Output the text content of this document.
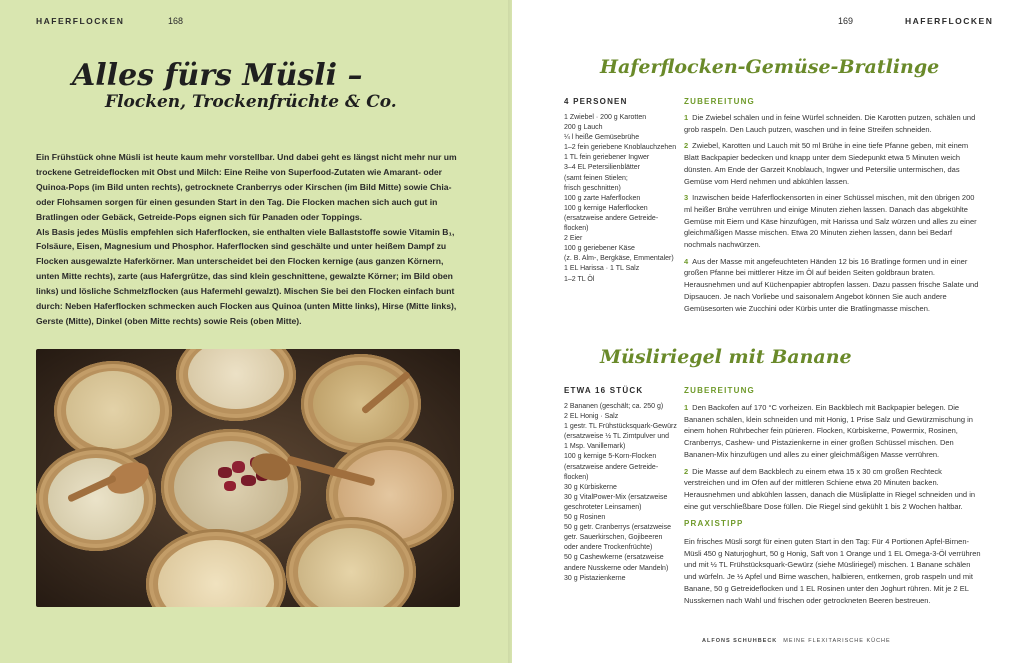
HAFERFLOCKEN	168
Alles fürs Müsli –
Flocken, Trockenfrüchte & Co.

Ein Frühstück ohne Müsli ist heute kaum mehr vorstellbar. Und dabei geht es längst nicht mehr nur um trockene Getreideflocken mit Obst und Milch: Eine Reihe von Superfood-Zutaten wie Amarant- oder Quinoa-Pops (im Bild unten rechts), getrocknete Cranberrys oder Kirschen (im Bild Mitte) sowie Chia- oder Flohsamen sorgen für einen gesunden Start in den Tag. Die Flocken machen sich auch gut in Bratlingen oder Gebäck, Getreide-Pops eignen sich für Panaden oder Toppings.

Als Basis jedes Müslis empfehlen sich Haferflocken, sie enthalten viele Ballaststoffe sowie Vitamin B₁, Folsäure, Eisen, Magnesium und Phosphor. Haferflocken sind geschälte und unter heißem Dampf zu Flocken ausgewalzte Haferkörner. Man unterscheidet bei den Flocken kernige (aus ganzen Körnern, unten Mitte rechts), zarte (aus Hafergrütze, das sind klein geschnittene, gewalzte Körner; im Bild oben links) und lösliche Schmelzflocken (aus Hafermehl gewalzt). Mischen Sie bei den Flocken einfach bunt durch: Neben Haferflocken schmecken auch Flocken aus Quinoa (unten Mitte links), Hirse (Mitte links), Gerste (Mitte), Dinkel (oben Mitte rechts) sowie Reis (oben Mitte).

169	HAFERFLOCKEN
Haferflocken-Gemüse-Bratlinge
4 PERSONEN	ZUBEREITUNG
1 Zwiebel · 200 g Karotten
200 g Lauch
¼ l heiße Gemüsebrühe
1–2 fein geriebene Knoblauchzehen
1 TL fein geriebener Ingwer
3–4 EL Petersilienblätter
(samt feinen Stielen;
frisch geschnitten)
100 g zarte Haferflocken
100 g kernige Haferflocken
(ersatzweise andere Getreide-
flocken)
2 Eier
100 g geriebener Käse
(z. B. Alm-, Bergkäse, Emmentaler)
1 EL Harissa · 1 TL Salz
1–2 TL Öl

1 Die Zwiebel schälen und in feine Würfel schneiden. Die Karotten putzen, schälen und grob raspeln. Den Lauch putzen, waschen und in feine Streifen schneiden.

2 Zwiebel, Karotten und Lauch mit 50 ml Brühe in eine tiefe Pfanne geben, mit einem Blatt Backpapier bedecken und knapp unter dem Siedepunkt etwa 5 Minuten weich dünsten. Am Ende der Garzeit Knoblauch, Ingwer und Petersilie untermischen, das Gemüse vom Herd nehmen und abkühlen lassen.

3 Inzwischen beide Haferflockensorten in einer Schüssel mischen, mit den übrigen 200 ml heißer Brühe verrühren und einige Minuten ziehen lassen. Danach das abgekühlte Gemüse mit Eiern und Käse hinzufügen, mit Harissa und Salz würzen und alles zu einer gleichmäßigen Masse mischen. Etwa 20 Minuten ziehen lassen, dann bei Bedarf nochmals nachwürzen.

4 Aus der Masse mit angefeuchteten Händen 12 bis 16 Bratlinge formen und in einer großen Pfanne bei mittlerer Hitze im Öl auf beiden Seiten goldbraun braten. Herausnehmen und auf Küchenpapier abtropfen lassen. Dazu passen frische Salate und Dipsaucen. Je nach Vorliebe und saisonalem Angebot können Sie auch andere Gemüsesorten wie Zucchini oder Kürbis unter die Bratlingmasse mischen.

Müsliriegel mit Banane
ETWA 16 STÜCK	ZUBEREITUNG
2 Bananen (geschält; ca. 250 g)
2 EL Honig · Salz
1 gestr. TL Frühstücksquark-Gewürz
(ersatzweise ½ TL Zimtpulver und
1 Msp. Vanillemark)
100 g kernige 5-Korn-Flocken
(ersatzweise andere Getreide-
flocken)
30 g Kürbiskerne
30 g VitalPower-Mix (ersatzweise
geschroteter Leinsamen)
50 g Rosinen
50 g getr. Cranberrys (ersatzweise
getr. Sauerkirschen, Gojibeeren
oder andere Trockenfrüchte)
50 g Cashewkerne (ersatzweise
andere Nusskerne oder Mandeln)
30 g Pistazienkerne

1 Den Backofen auf 170 °C vorheizen. Ein Backblech mit Backpapier belegen. Die Bananen schälen, klein schneiden und mit Honig, 1 Prise Salz und Gewürzmischung in einem hohen Rührbecher fein pürieren. Flocken, Kürbiskerne, Powermix, Rosinen, Cranberrys, Cashew- und Pistazienkerne in einer großen Schüssel mischen. Den Bananen-Mix hinzufügen und alles zu einer gleichmäßigen Masse verrühren.

2 Die Masse auf dem Backblech zu einem etwa 15 x 30 cm großen Rechteck verstreichen und im Ofen auf der mittleren Schiene etwa 20 Minuten backen. Herausnehmen und abkühlen lassen, danach die Müsliplatte in Riegel schneiden und in eine gut verschließbare Dose füllen. Die Riegel sind gekühlt 1 bis 2 Wochen haltbar.

PRAXISTIPP

Ein frisches Müsli sorgt für einen guten Start in den Tag: Für 4 Portionen Apfel-Birnen-Müsli 450 g Naturjoghurt, 50 g Honig, Saft von 1 Orange und 1 EL Omega-3-Öl verrühren und mit ½ TL Frühstücksquark-Gewürz (siehe Müsliriegel) mischen. 1 Banane schälen und würfeln. Je ½ Apfel und Birne waschen, halbieren, entkernen, grob raspeln und mit Banane, 50 g Getreideflocken und 1 EL Rosinen unter den Joghurt rühren. Mit je 2 EL Nusskernen nach Wahl und frischen oder getrockneten Beeren bestreuen.

ALFONS SCHUHBECK MEINE FLEXITARISCHE KÜCHE
